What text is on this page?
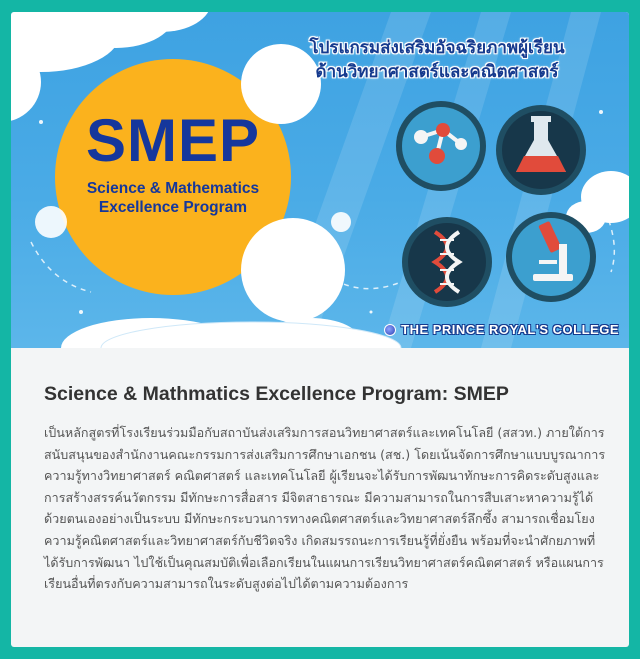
โปรแกรมส่งเสริมอัจฉริยภาพผู้เรียน
ด้านวิทยาศาสตร์และคณิตศาสตร์
SMEP
Science & Mathematics
Excellence Program
THE PRINCE ROYAL'S COLLEGE
Science & Mathmatics Excellence Program: SMEP

เป็นหลักสูตรที่โรงเรียนร่วมมือกับสถาบันส่งเสริมการสอนวิทยาศาสตร์และเทคโนโลยี (สสวท.) ภายใต้การสนับสนุนของสำนักงานคณะกรรมการส่งเสริมการศึกษาเอกชน (สช.) โดยเน้นจัดการศึกษาแบบบูรณาการความรู้ทางวิทยาศาสตร์ คณิตศาสตร์ และเทคโนโลยี ผู้เรียนจะได้รับการพัฒนาทักษะการคิดระดับสูงและการสร้างสรรค์นวัตกรรม มีทักษะการสื่อสาร มีจิตสาธารณะ มีความสามารถในการสืบเสาะหาความรู้ได้ด้วยตนเองอย่างเป็นระบบ มีทักษะกระบวนการทางคณิตศาสตร์และวิทยาศาสตร์ลึกซึ้ง สามารถเชื่อมโยงความรู้คณิตศาสตร์และวิทยาศาสตร์กับชีวิตจริง เกิดสมรรถนะการเรียนรู้ที่ยั่งยืน พร้อมที่จะนำศักยภาพที่ได้รับการพัฒนา ไปใช้เป็นคุณสมบัติเพื่อเลือกเรียนในแผนการเรียนวิทยาศาสตร์คณิตศาสตร์ หรือแผนการเรียนอื่นที่ตรงกับความสามารถในระดับสูงต่อไปได้ตามความต้องการ
